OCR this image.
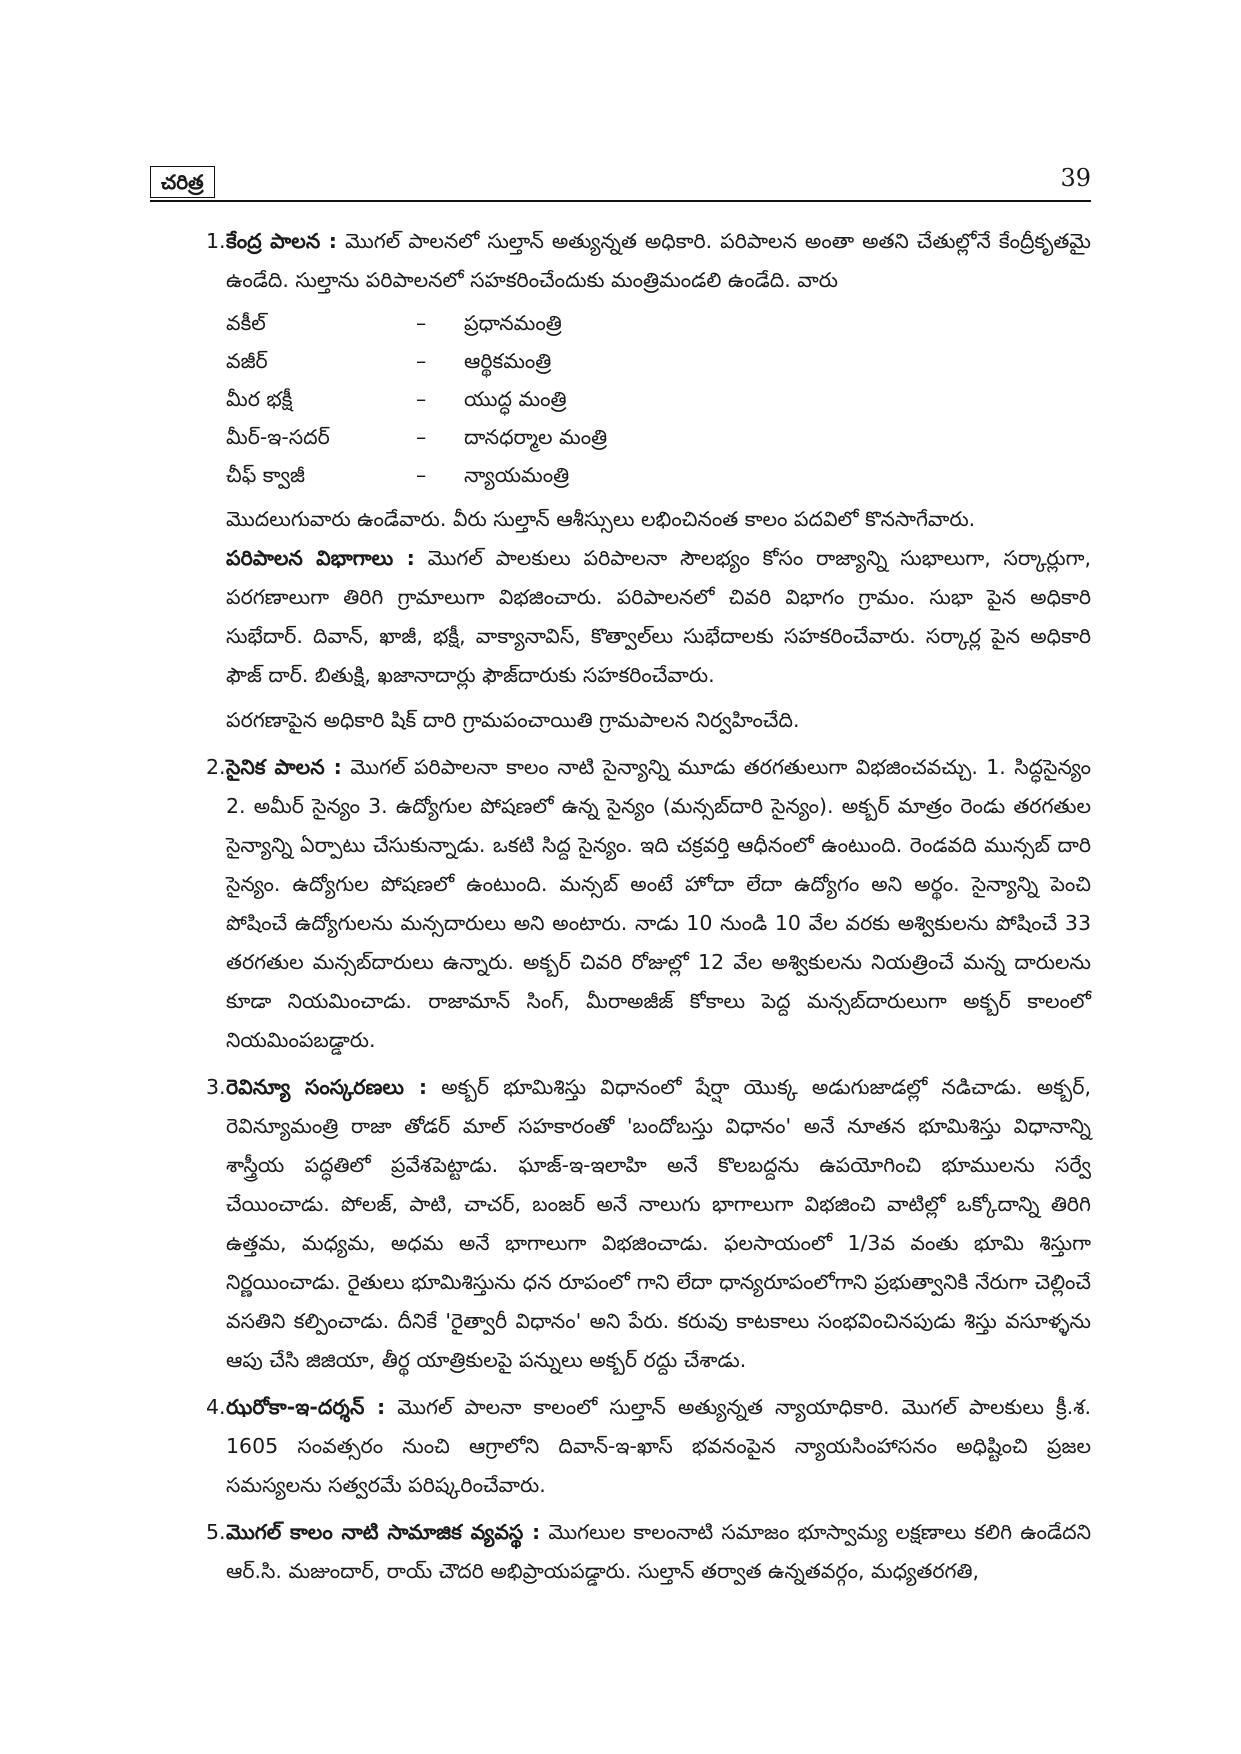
చరిత్ర	39
1. కేంద్ర పాలన : మొగల్ పాలనలో సుల్తాన్ అత్యున్నత అధికారి. పరిపాలన అంతా అతని చేతుల్లోనే కేంద్రీకృతమై ఉండేది. సుల్తాను పరిపాలనలో సహకరించేందుకు మంత్రిమండలి ఉండేది. వారు

వకీల్	–	ప్రధానమంత్రి
వజీర్	–	ఆర్థికమంత్రి
మీర భక్షీ	–	యుద్ధ మంత్రి
మీర్-ఇ-సదర్	–	దానధర్మాల మంత్రి
చీఫ్ క్వాజీ	–	న్యాయమంత్రి

మొదలుగువారు ఉండేవారు. వీరు సుల్తాన్ ఆశీస్సులు లభించినంత కాలం పదవిలో కొనసాగేవారు.

పరిపాలన విభాగాలు : మొగల్ పాలకులు పరిపాలనా సౌలభ్యం కోసం రాజ్యాన్ని సుభాలుగా, సర్కార్లుగా, పరగణాలుగా తిరిగి గ్రామాలుగా విభజించారు. పరిపాలనలో చివరి విభాగం గ్రామం. సుభా పైన అధికారి సుభేదార్. దివాన్, ఖాజీ, భక్షీ, వాక్యానావిస్, కొత్వాల్‌లు సుభేదాలకు సహకరించేవారు. సర్కార్ల పైన అధికారి ఫౌజ్ దార్. బితుక్షి, ఖజానాదార్లు ఫౌజ్‌దారుకు సహకరించేవారు.

పరగణాపైన అధికారి షిక్ దారి గ్రామపంచాయితి గ్రామపాలన నిర్వహించేది.

2. సైనిక పాలన : మొగల్ పరిపాలనా కాలం నాటి సైన్యాన్ని మూడు తరగతులుగా విభజించవచ్చు. 1. సిద్ధసైన్యం 2. అమీర్ సైన్యం 3. ఉద్యోగుల పోషణలో ఉన్న సైన్యం (మన్సబ్‌దారి సైన్యం). అక్బర్ మాత్రం రెండు తరగతుల సైన్యాన్ని ఏర్పాటు చేసుకున్నాడు. ఒకటి సిద్ద సైన్యం. ఇది చక్రవర్తి ఆధీనంలో ఉంటుంది. రెండవది మున్సబ్ దారి సైన్యం. ఉద్యోగుల పోషణలో ఉంటుంది. మన్సబ్ అంటే హోదా లేదా ఉద్యోగం అని అర్థం. సైన్యాన్ని పెంచి పోషించే ఉద్యోగులను మన్సదారులు అని అంటారు. నాడు 10 నుండి 10 వేల వరకు అశ్వికులను పోషించే 33 తరగతుల మన్సబ్‌దారులు ఉన్నారు. అక్బర్ చివరి రోజుల్లో 12 వేల అశ్వికులను నియత్రించే మన్న దారులను కూడా నియమించాడు. రాజామాన్ సింగ్, మీరాఅజీజ్ కోకాలు పెద్ద మన్సబ్‌దారులుగా అక్బర్ కాలంలో నియమింపబడ్డారు.

3. రెవిన్యూ సంస్కరణలు : అక్బర్ భూమిశిస్తు విధానంలో షేర్షా యొక్క అడుగుజాడల్లో నడిచాడు. అక్బర్, రెవిన్యూమంత్రి రాజా తోడర్ మాల్ సహకారంతో 'బందోబస్తు విధానం' అనే నూతన భూమిశిస్తు విధానాన్ని శాస్త్రీయ పద్ధతిలో ప్రవేశపెట్టాడు. ఘాజ్-ఇ-ఇలాహి అనే కొలబద్దను ఉపయోగించి భూములను సర్వే చేయించాడు. పోలజ్, పాటి, చాచర్, బంజర్ అనే నాలుగు భాగాలుగా విభజించి వాటిల్లో ఒక్కోదాన్ని తిరిగి ఉత్తమ, మధ్యమ, అధమ అనే భాగాలుగా విభజించాడు. ఫలసాయంలో 1/3వ వంతు భూమి శిస్తుగా నిర్ణయించాడు. రైతులు భూమిశిస్తును ధన రూపంలో గాని లేదా ధాన్యరూపంలోగాని ప్రభుత్వానికి నేరుగా చెల్లించే వసతిని కల్పించాడు. దీనికే 'రైత్వారీ విధానం' అని పేరు. కరువు కాటకాలు సంభవించినపుడు శిస్తు వసూళ్ళను ఆపు చేసి జిజియా, తీర్థ యాత్రికులపై పన్నులు అక్బర్ రద్దు చేశాడు.

4. ఝరోకా-ఇ-దర్శన్ : మొగల్ పాలనా కాలంలో సుల్తాన్ అత్యున్నత న్యాయాధికారి. మొగల్ పాలకులు క్రీ.శ. 1605 సంవత్సరం నుంచి ఆగ్రాలోని దివాన్-ఇ-ఖాస్ భవనంపైన న్యాయసింహాసనం అధిష్టించి ప్రజల సమస్యలను సత్వరమే పరిష్కరించేవారు.

5. మొగల్ కాలం నాటి సామాజిక వ్యవస్థ : మొగలుల కాలంనాటి సమాజం భూస్వామ్య లక్షణాలు కలిగి ఉండేదని ఆర్.సి. మజుందార్, రాయ్ చౌదరి అభిప్రాయపడ్డారు. సుల్తాన్ తర్వాత ఉన్నతవర్గం, మధ్యతరగతి,
